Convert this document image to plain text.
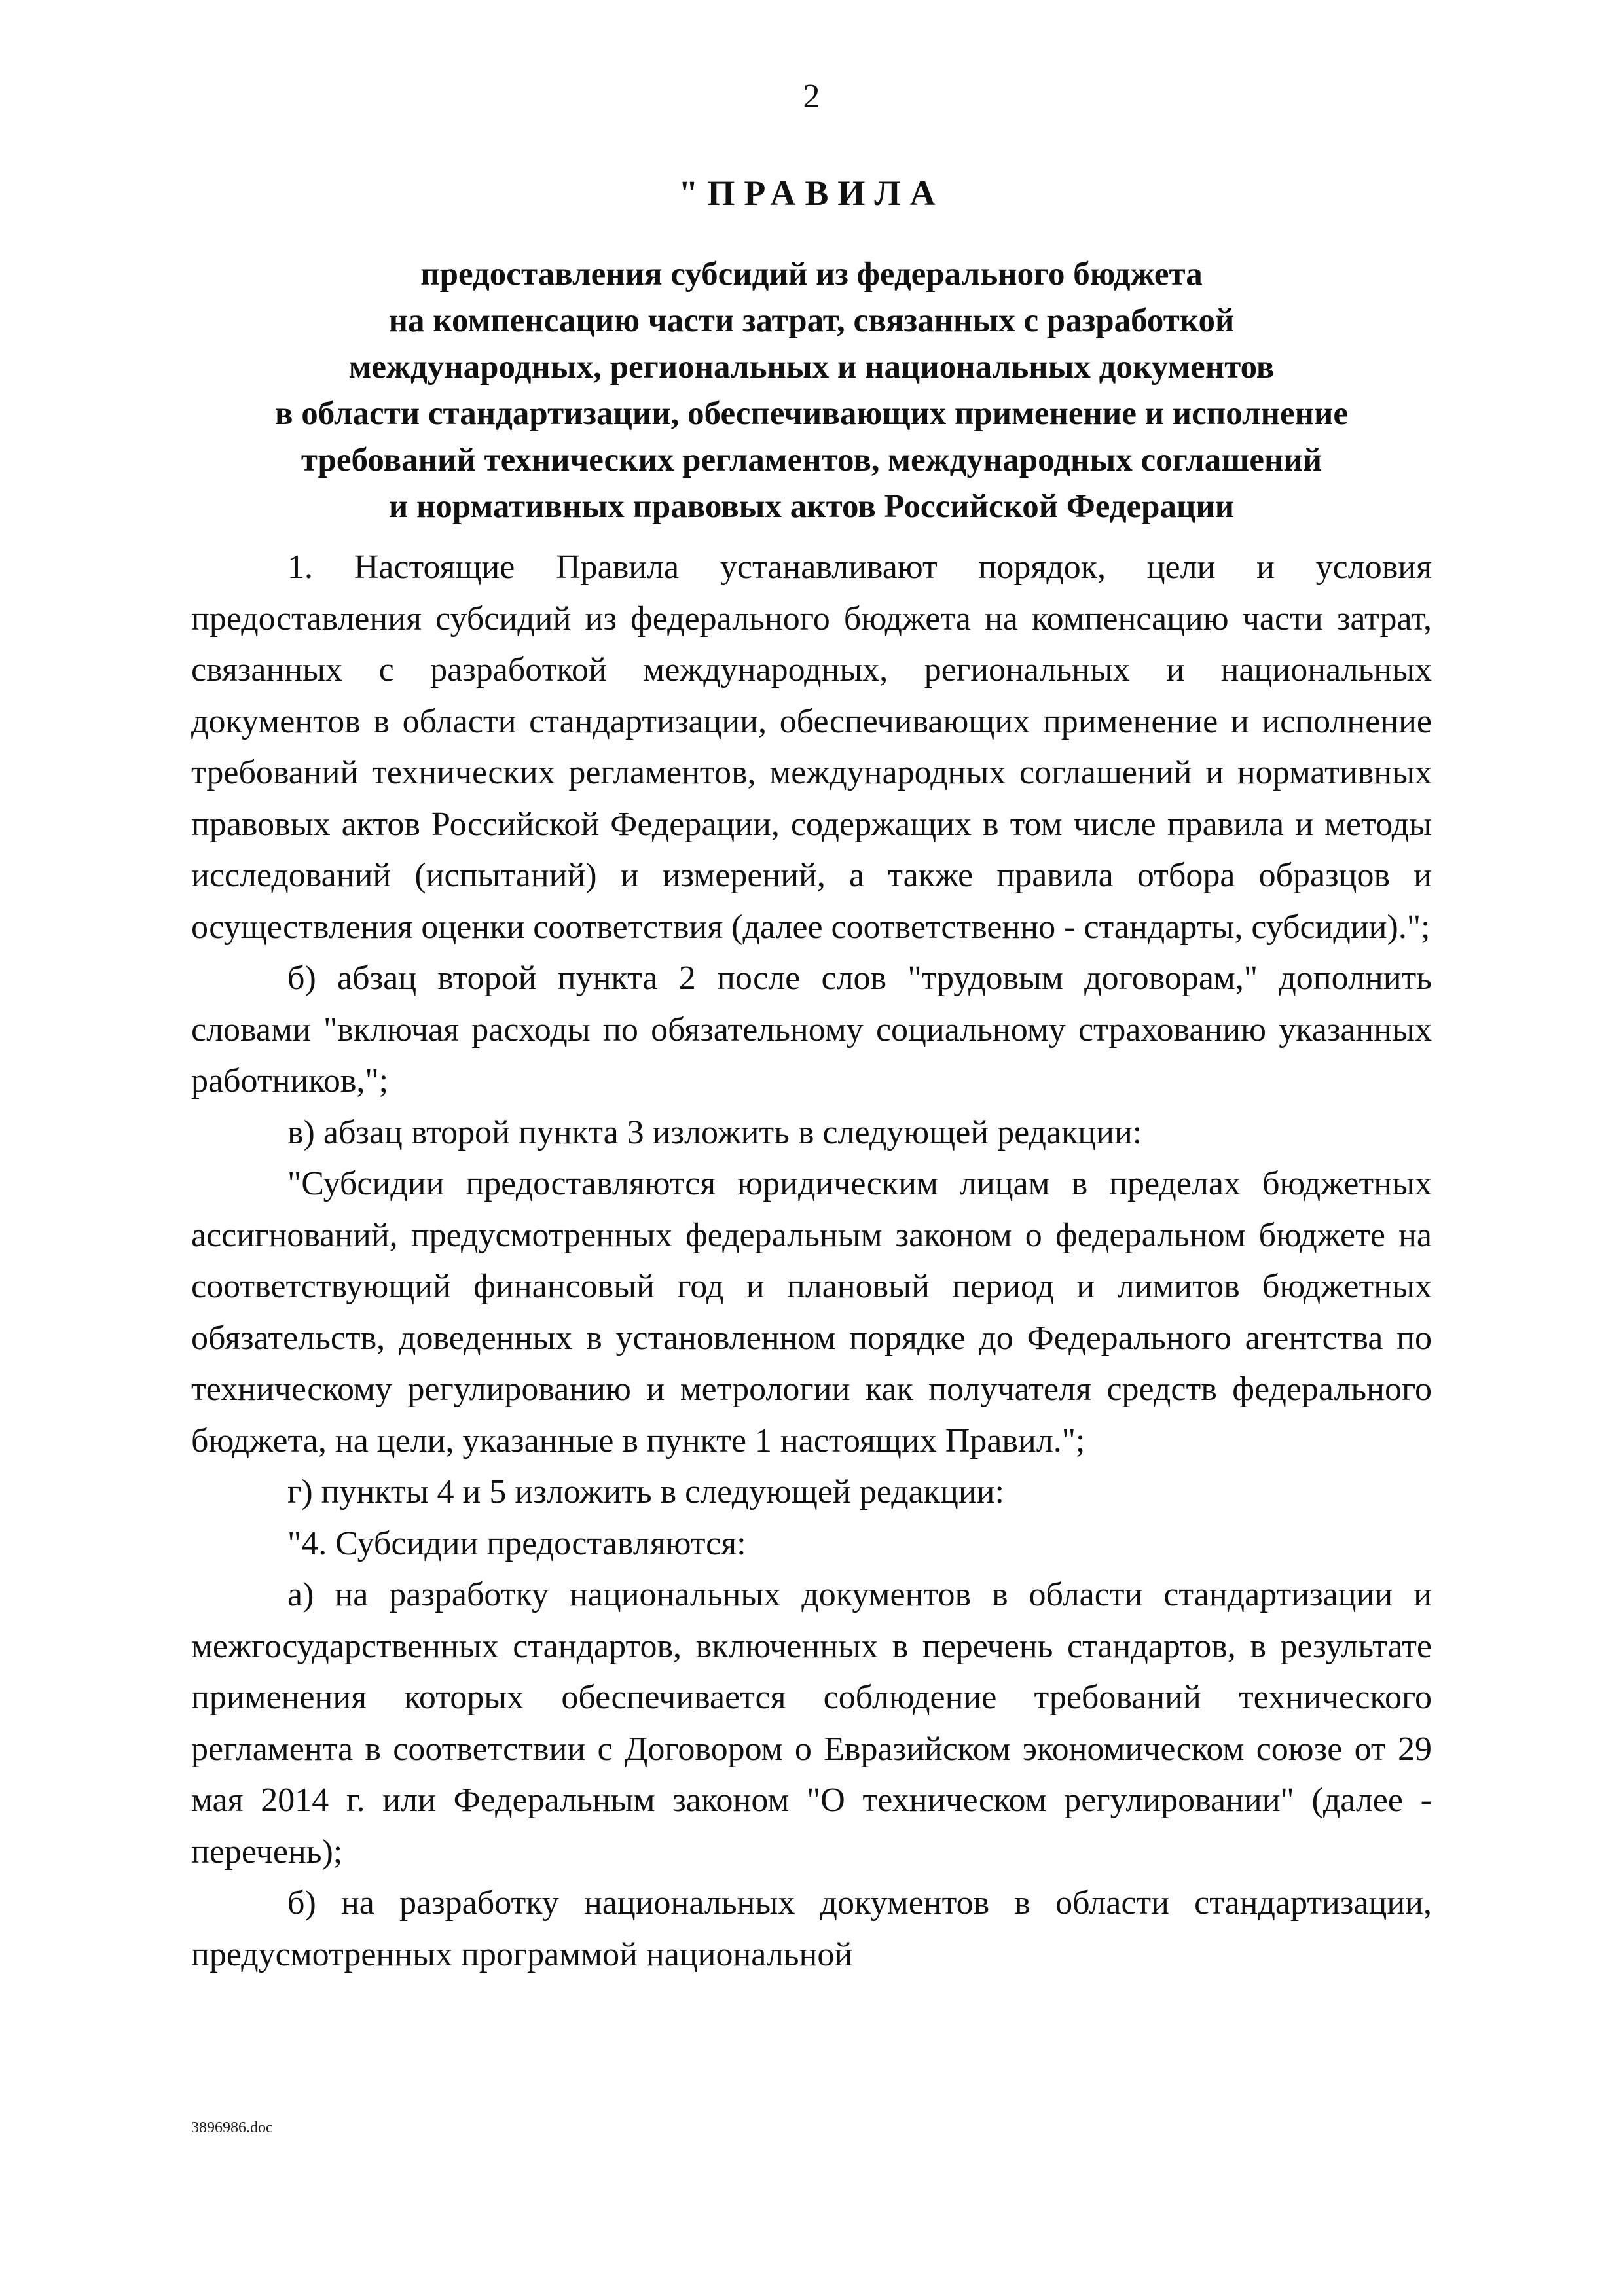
2
"ПРАВИЛА
предоставления субсидий из федерального бюджета
на компенсацию части затрат, связанных с разработкой
международных, региональных и национальных документов
в области стандартизации, обеспечивающих применение и исполнение
требований технических регламентов, международных соглашений
и нормативных правовых актов Российской Федерации

1. Настоящие Правила устанавливают порядок, цели и условия предоставления субсидий из федерального бюджета на компенсацию части затрат, связанных с разработкой международных, региональных и национальных документов в области стандартизации, обеспечивающих применение и исполнение требований технических регламентов, международных соглашений и нормативных правовых актов Российской Федерации, содержащих в том числе правила и методы исследований (испытаний) и измерений, а также правила отбора образцов и осуществления оценки соответствия (далее соответственно - стандарты, субсидии).";

б) абзац второй пункта 2 после слов "трудовым договорам," дополнить словами "включая расходы по обязательному социальному страхованию указанных работников,";

в) абзац второй пункта 3 изложить в следующей редакции:

"Субсидии предоставляются юридическим лицам в пределах бюджетных ассигнований, предусмотренных федеральным законом о федеральном бюджете на соответствующий финансовый год и плановый период и лимитов бюджетных обязательств, доведенных в установленном порядке до Федерального агентства по техническому регулированию и метрологии как получателя средств федерального бюджета, на цели, указанные в пункте 1 настоящих Правил.";

г) пункты 4 и 5 изложить в следующей редакции:

"4. Субсидии предоставляются:

а) на разработку национальных документов в области стандартизации и межгосударственных стандартов, включенных в перечень стандартов, в результате применения которых обеспечивается соблюдение требований технического регламента в соответствии с Договором о Евразийском экономическом союзе от 29 мая 2014 г. или Федеральным законом "О техническом регулировании" (далее - перечень);

б) на разработку национальных документов в области стандартизации, предусмотренных программой национальной

3896986.doc
